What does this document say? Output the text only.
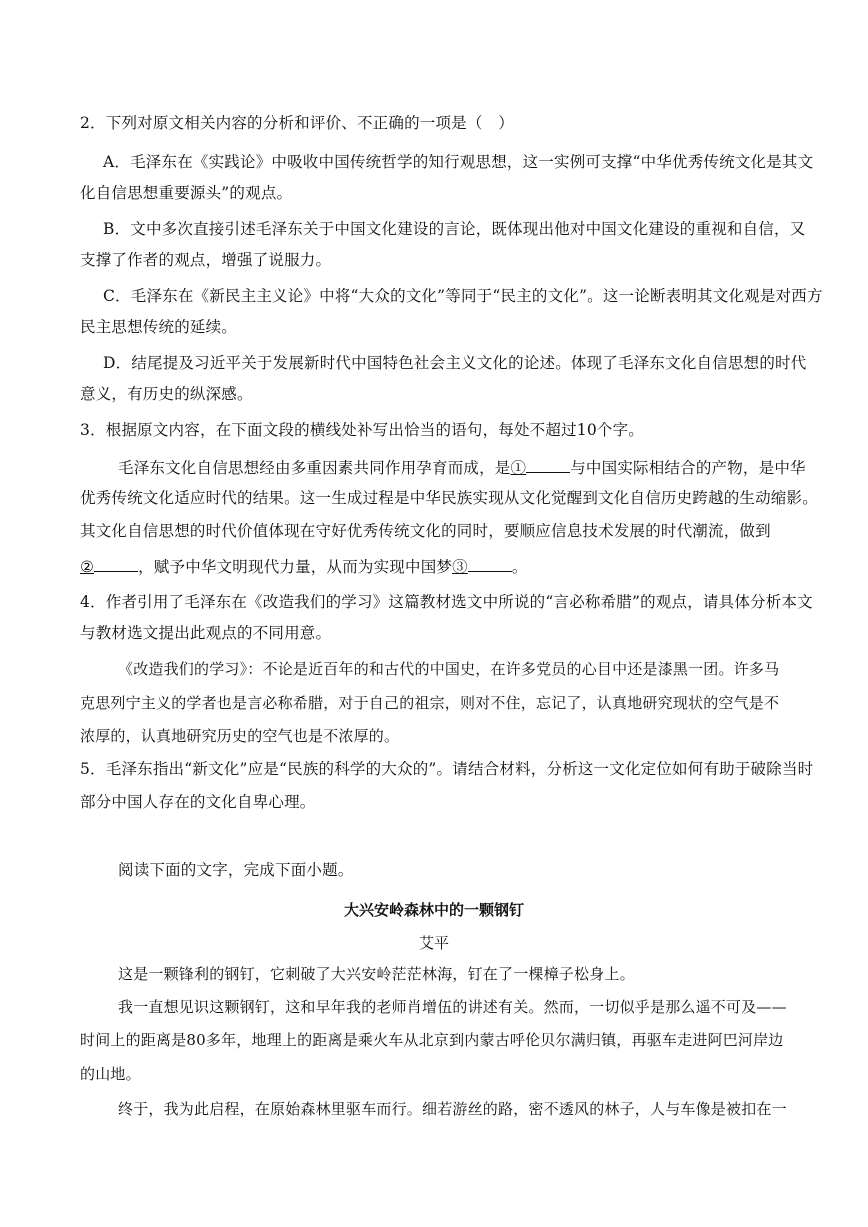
2．下列对原文相关内容的分析和评价、不正确的一项是（　）
A．毛泽东在《实践论》中吸收中国传统哲学的知行观思想，这一实例可支撑“中华优秀传统文化是其文
化自信思想重要源头”的观点。
B．文中多次直接引述毛泽东关于中国文化建设的言论，既体现出他对中国文化建设的重视和自信，又
支撑了作者的观点，增强了说服力。
C．毛泽东在《新民主主义论》中将“大众的文化”等同于“民主的文化”。这一论断表明其文化观是对西方
民主思想传统的延续。
D．结尾提及习近平关于发展新时代中国特色社会主义文化的论述。体现了毛泽东文化自信思想的时代
意义，有历史的纵深感。
3．根据原文内容，在下面文段的横线处补写出恰当的语句，每处不超过10个字。
毛泽东文化自信思想经由多重因素共同作用孕育而成，是①	与中国实际相结合的产物，是中华
优秀传统文化适应时代的结果。这一生成过程是中华民族实现从文化觉醒到文化自信历史跨越的生动缩影。
其文化自信思想的时代价值体现在守好优秀传统文化的同时，要顺应信息技术发展的时代潮流，做到
②	，赋予中华文明现代力量，从而为实现中国梦③	。
4．作者引用了毛泽东在《改造我们的学习》这篇教材选文中所说的“言必称希腊”的观点，请具体分析本文
与教材选文提出此观点的不同用意。
《改造我们的学习》：不论是近百年的和古代的中国史，在许多党员的心目中还是漆黑一团。许多马
克思列宁主义的学者也是言必称希腊，对于自己的祖宗，则对不住，忘记了，认真地研究现状的空气是不
浓厚的，认真地研究历史的空气也是不浓厚的。
5．毛泽东指出“新文化”应是“民族的科学的大众的”。请结合材料，分析这一文化定位如何有助于破除当时
部分中国人存在的文化自卑心理。
阅读下面的文字，完成下面小题。
大兴安岭森林中的一颗钢钉
艾平
这是一颗锋利的钢钉，它刺破了大兴安岭茫茫林海，钉在了一棵樟子松身上。
我一直想见识这颗钢钉，这和早年我的老师肖增伍的讲述有关。然而，一切似乎是那么遥不可及——
时间上的距离是80多年，地理上的距离是乘火车从北京到内蒙古呼伦贝尔满归镇，再驱车走进阿巴河岸边
的山地。
终于，我为此启程，在原始森林里驱车而行。细若游丝的路，密不透风的林子，人与车像是被扣在一
